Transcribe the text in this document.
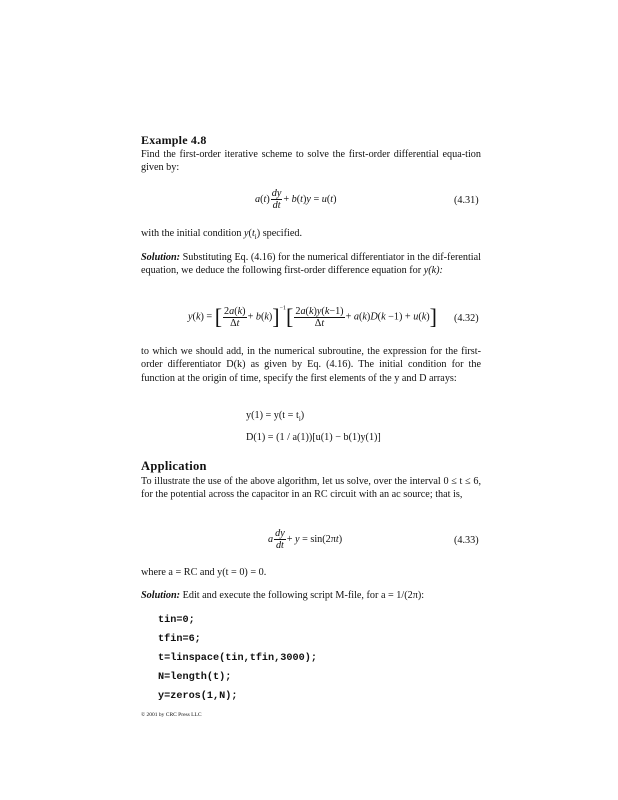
Example 4.8
Find the first-order iterative scheme to solve the first-order differential equa-tion given by:
$a(t) \frac{dy}{dt} + b(t)y = u(t)$	(4.31)
with the initial condition $y(t_i)$ specified.
Solution: Substituting Eq. (4.16) for the numerical differentiator in the dif-ferential equation, we deduce the following first-order difference equation for y(k):
y(k) = [ $\frac{2a(k)}{\Delta t} + b(k)]^{-1}[ \frac{2a(k)y(k-1)}{\Delta t} + a(k)D(k -1) + u(k)]$ (4.32)
to which we should add, in the numerical subroutine, the expression for the first-order differentiator D(k) as given by Eq. (4.16). The initial condition for the function at the origin of time, specify the first elements of the y and D arrays:
$y(1) = y(t = t_i)$
D(1) = (1 / a(1))[u(1) − b(1)y(1)]
Application
To illustrate the use of the above algorithm, let us solve, over the interval 0 ≤ t ≤ 6, for the potential across the capacitor in an RC circuit with an ac source; that is,
a $\frac{dy}{dt} + y = \sin(2\pi t)$	(4.33)
where a = RC and y(t = 0) = 0.
Solution: Edit and execute the following script M-file, for a = 1/(2π):
tin=0;
tfin=6;
t=linspace(tin,tfin,3000);
N=length(t);
y=zeros(1,N);
© 2001 by CRC Press LLC
